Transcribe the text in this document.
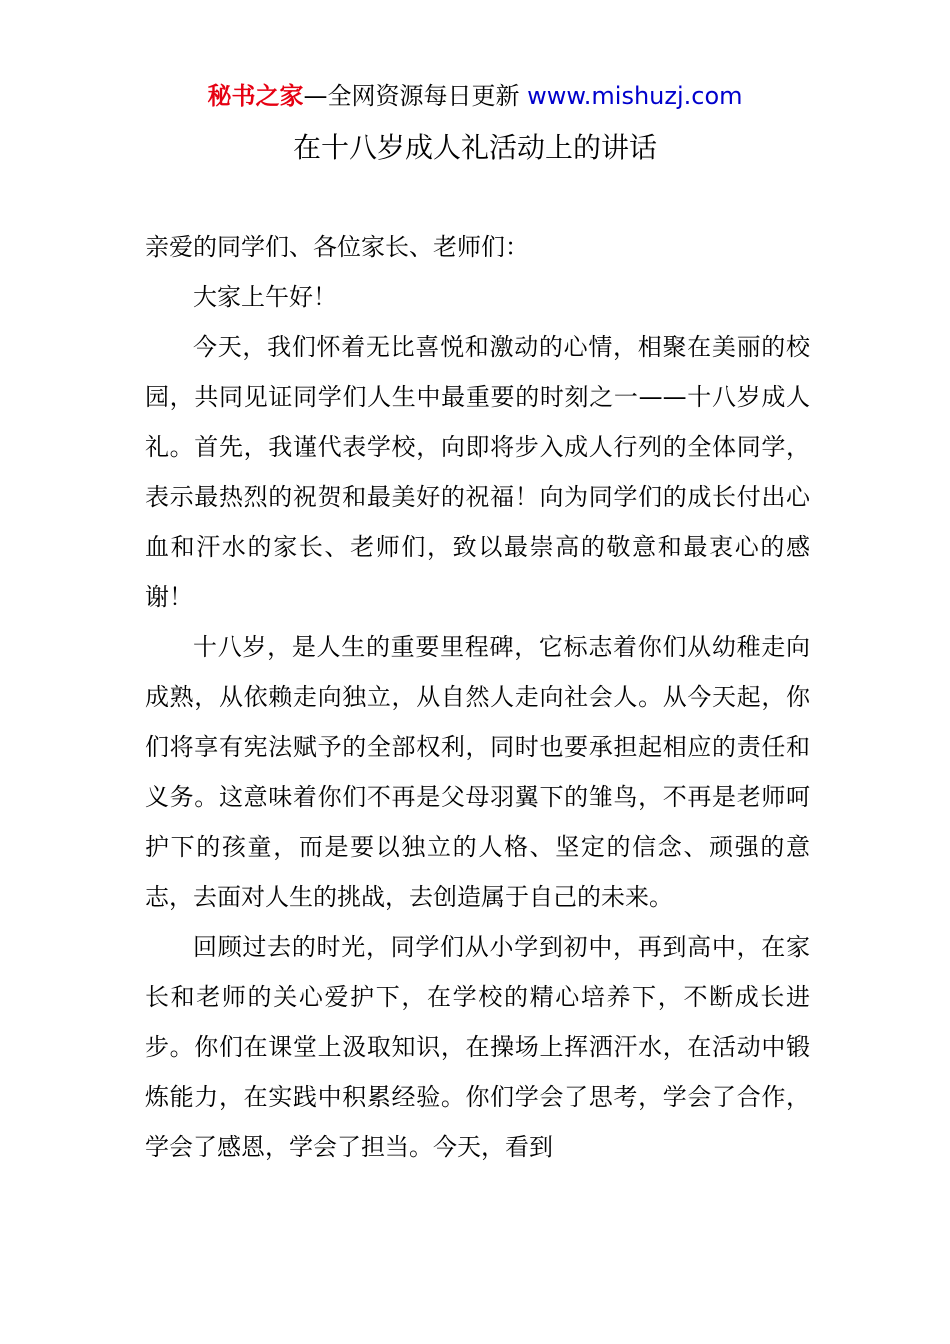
秘书之家—全网资源每日更新 www.mishuzj.com
在十八岁成人礼活动上的讲话

亲爱的同学们、各位家长、老师们：

大家上午好！

今天，我们怀着无比喜悦和激动的心情，相聚在美丽的校园，共同见证同学们人生中最重要的时刻之一——十八岁成人礼。首先，我谨代表学校，向即将步入成人行列的全体同学，表示最热烈的祝贺和最美好的祝福！向为同学们的成长付出心血和汗水的家长、老师们，致以最崇高的敬意和最衷心的感谢！

十八岁，是人生的重要里程碑，它标志着你们从幼稚走向成熟，从依赖走向独立，从自然人走向社会人。从今天起，你们将享有宪法赋予的全部权利，同时也要承担起相应的责任和义务。这意味着你们不再是父母羽翼下的雏鸟，不再是老师呵护下的孩童，而是要以独立的人格、坚定的信念、顽强的意志，去面对人生的挑战，去创造属于自己的未来。

回顾过去的时光，同学们从小学到初中，再到高中，在家长和老师的关心爱护下，在学校的精心培养下，不断成长进步。你们在课堂上汲取知识，在操场上挥洒汗水，在活动中锻炼能力，在实践中积累经验。你们学会了思考，学会了合作，学会了感恩，学会了担当。今天，看到
